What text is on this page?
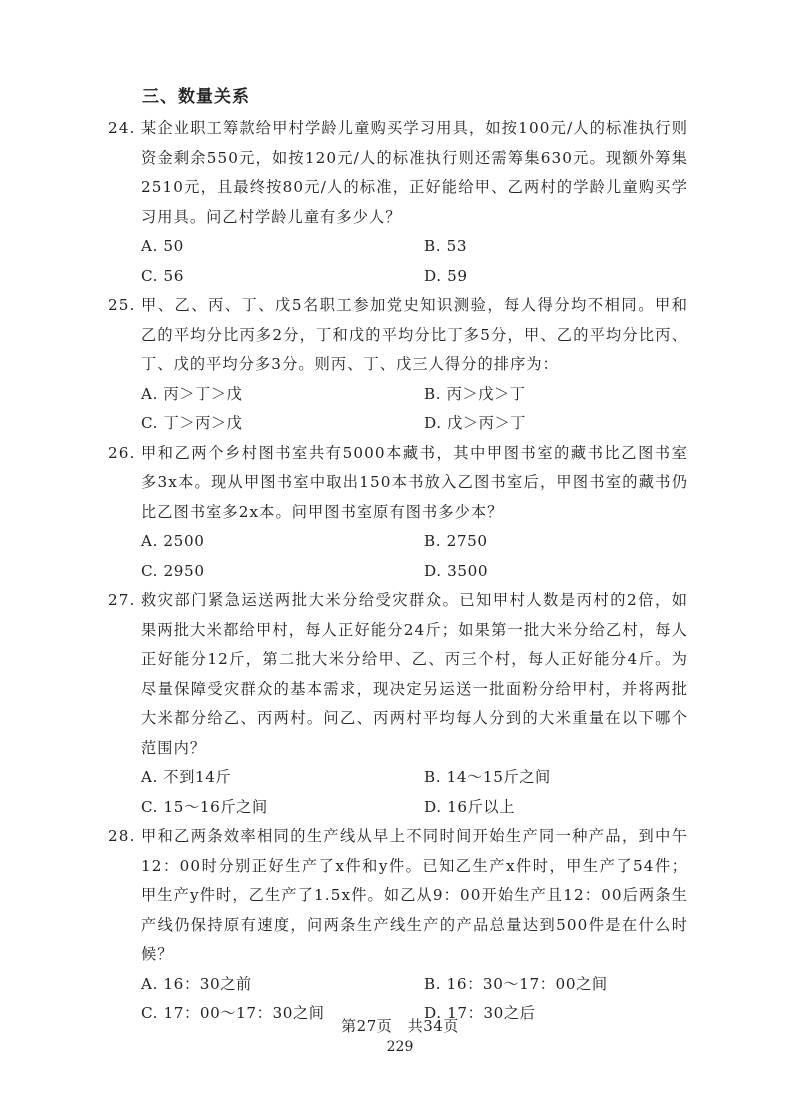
三、数量关系
24. 某企业职工筹款给甲村学龄儿童购买学习用具，如按100元/人的标准执行则资金剩余550元，如按120元/人的标准执行则还需筹集630元。现额外筹集2510元，且最终按80元/人的标准，正好能给甲、乙两村的学龄儿童购买学习用具。问乙村学龄儿童有多少人？
A. 50	B. 53
C. 56	D. 59
25. 甲、乙、丙、丁、戊5名职工参加党史知识测验，每人得分均不相同。甲和乙的平均分比丙多2分，丁和戊的平均分比丁多5分，甲、乙的平均分比丙、丁、戊的平均分多3分。则丙、丁、戊三人得分的排序为：
A. 丙＞丁＞戊	B. 丙＞戊＞丁
C. 丁＞丙＞戊	D. 戊＞丙＞丁
26. 甲和乙两个乡村图书室共有5000本藏书，其中甲图书室的藏书比乙图书室多3x本。现从甲图书室中取出150本书放入乙图书室后，甲图书室的藏书仍比乙图书室多2x本。问甲图书室原有图书多少本？
A. 2500	B. 2750
C. 2950	D. 3500
27. 救灾部门紧急运送两批大米分给受灾群众。已知甲村人数是丙村的2倍，如果两批大米都给甲村，每人正好能分24斤；如果第一批大米分给乙村，每人正好能分12斤，第二批大米分给甲、乙、丙三个村，每人正好能分4斤。为尽量保障受灾群众的基本需求，现决定另运送一批面粉分给甲村，并将两批大米都分给乙、丙两村。问乙、丙两村平均每人分到的大米重量在以下哪个范围内？
A. 不到14斤	B. 14～15斤之间
C. 15～16斤之间	D. 16斤以上
28. 甲和乙两条效率相同的生产线从早上不同时间开始生产同一种产品，到中午12：00时分别正好生产了x件和y件。已知乙生产x件时，甲生产了54件；甲生产y件时，乙生产了1.5x件。如乙从9：00开始生产且12：00后两条生产线仍保持原有速度，问两条生产线生产的产品总量达到500件是在什么时候？
A. 16：30之前	B. 16：30～17：00之间
C. 17：00～17：30之间	D. 17：30之后
第27页　共34页
229
